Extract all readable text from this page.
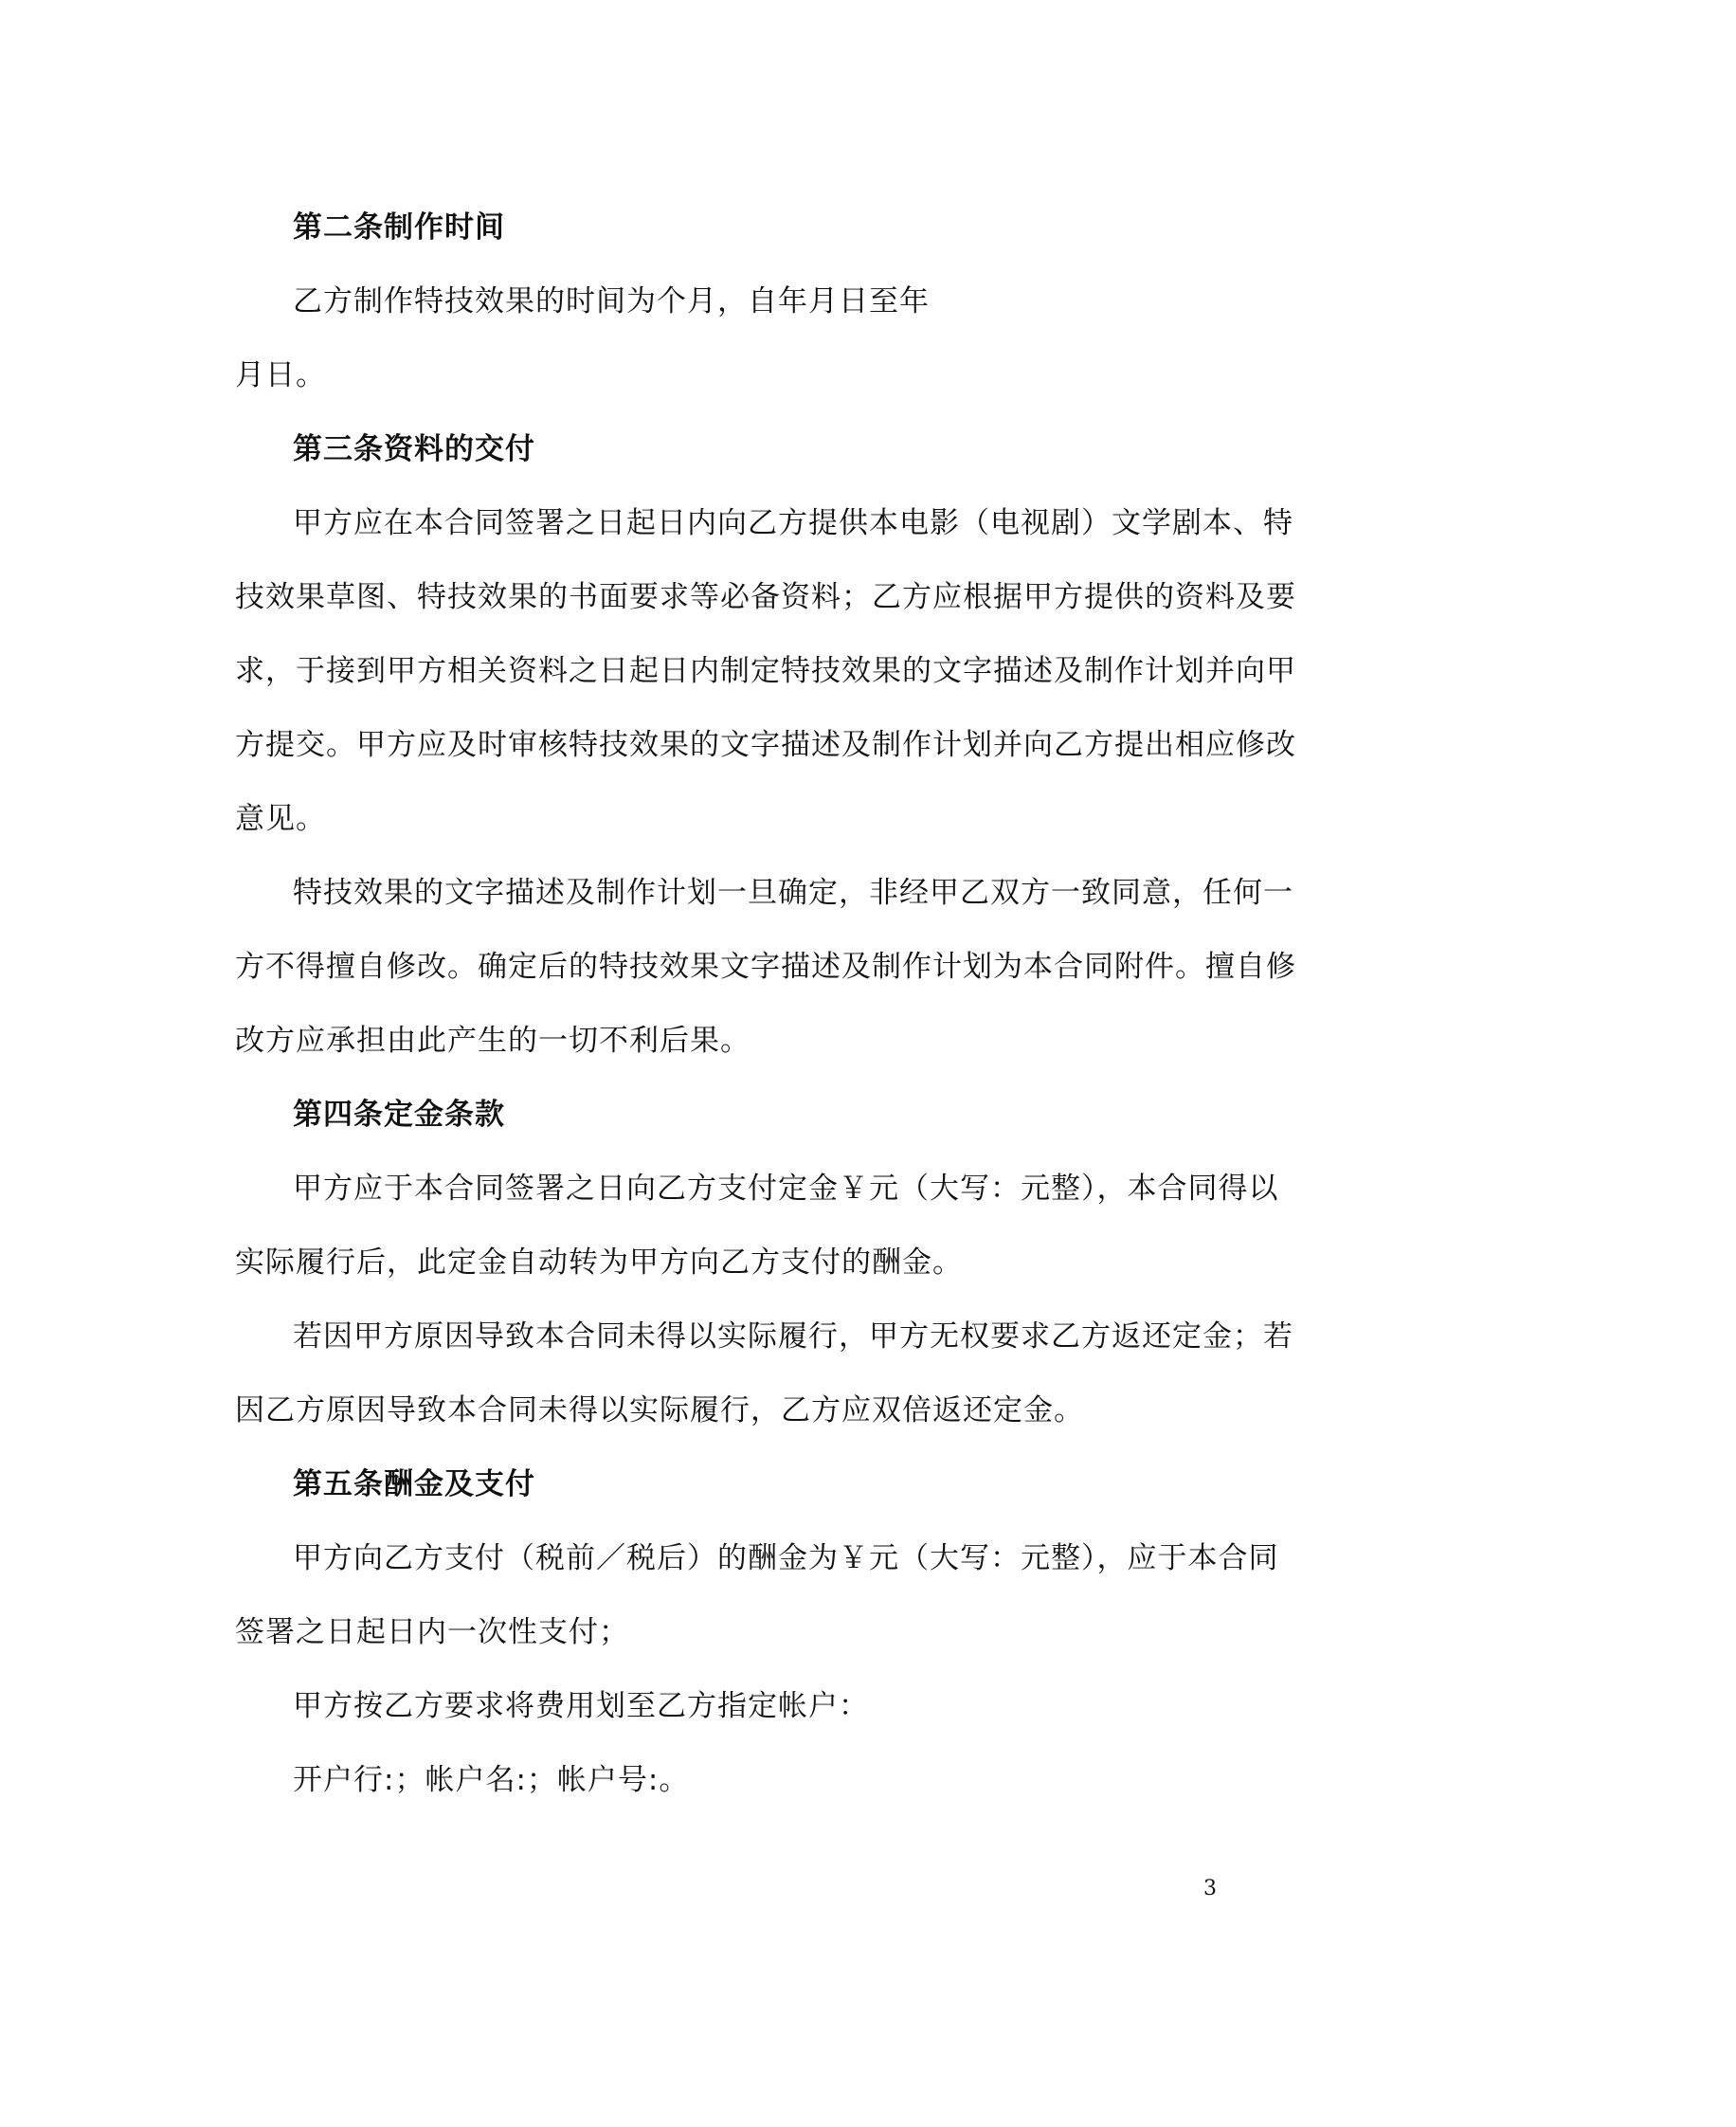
第二条制作时间
乙方制作特技效果的时间为个月，自年月日至年
月日。
第三条资料的交付
甲方应在本合同签署之日起日内向乙方提供本电影（电视剧）文学剧本、特
技效果草图、特技效果的书面要求等必备资料；乙方应根据甲方提供的资料及要
求，于接到甲方相关资料之日起日内制定特技效果的文字描述及制作计划并向甲
方提交。甲方应及时审核特技效果的文字描述及制作计划并向乙方提出相应修改
意见。
特技效果的文字描述及制作计划一旦确定，非经甲乙双方一致同意，任何一
方不得擅自修改。确定后的特技效果文字描述及制作计划为本合同附件。擅自修
改方应承担由此产生的一切不利后果。
第四条定金条款
甲方应于本合同签署之日向乙方支付定金￥元（大写：元整），本合同得以
实际履行后，此定金自动转为甲方向乙方支付的酬金。
若因甲方原因导致本合同未得以实际履行，甲方无权要求乙方返还定金；若
因乙方原因导致本合同未得以实际履行，乙方应双倍返还定金。
第五条酬金及支付
甲方向乙方支付（税前／税后）的酬金为￥元（大写：元整），应于本合同
签署之日起日内一次性支付；
甲方按乙方要求将费用划至乙方指定帐户：
开户行:；帐户名:；帐户号:。
3
